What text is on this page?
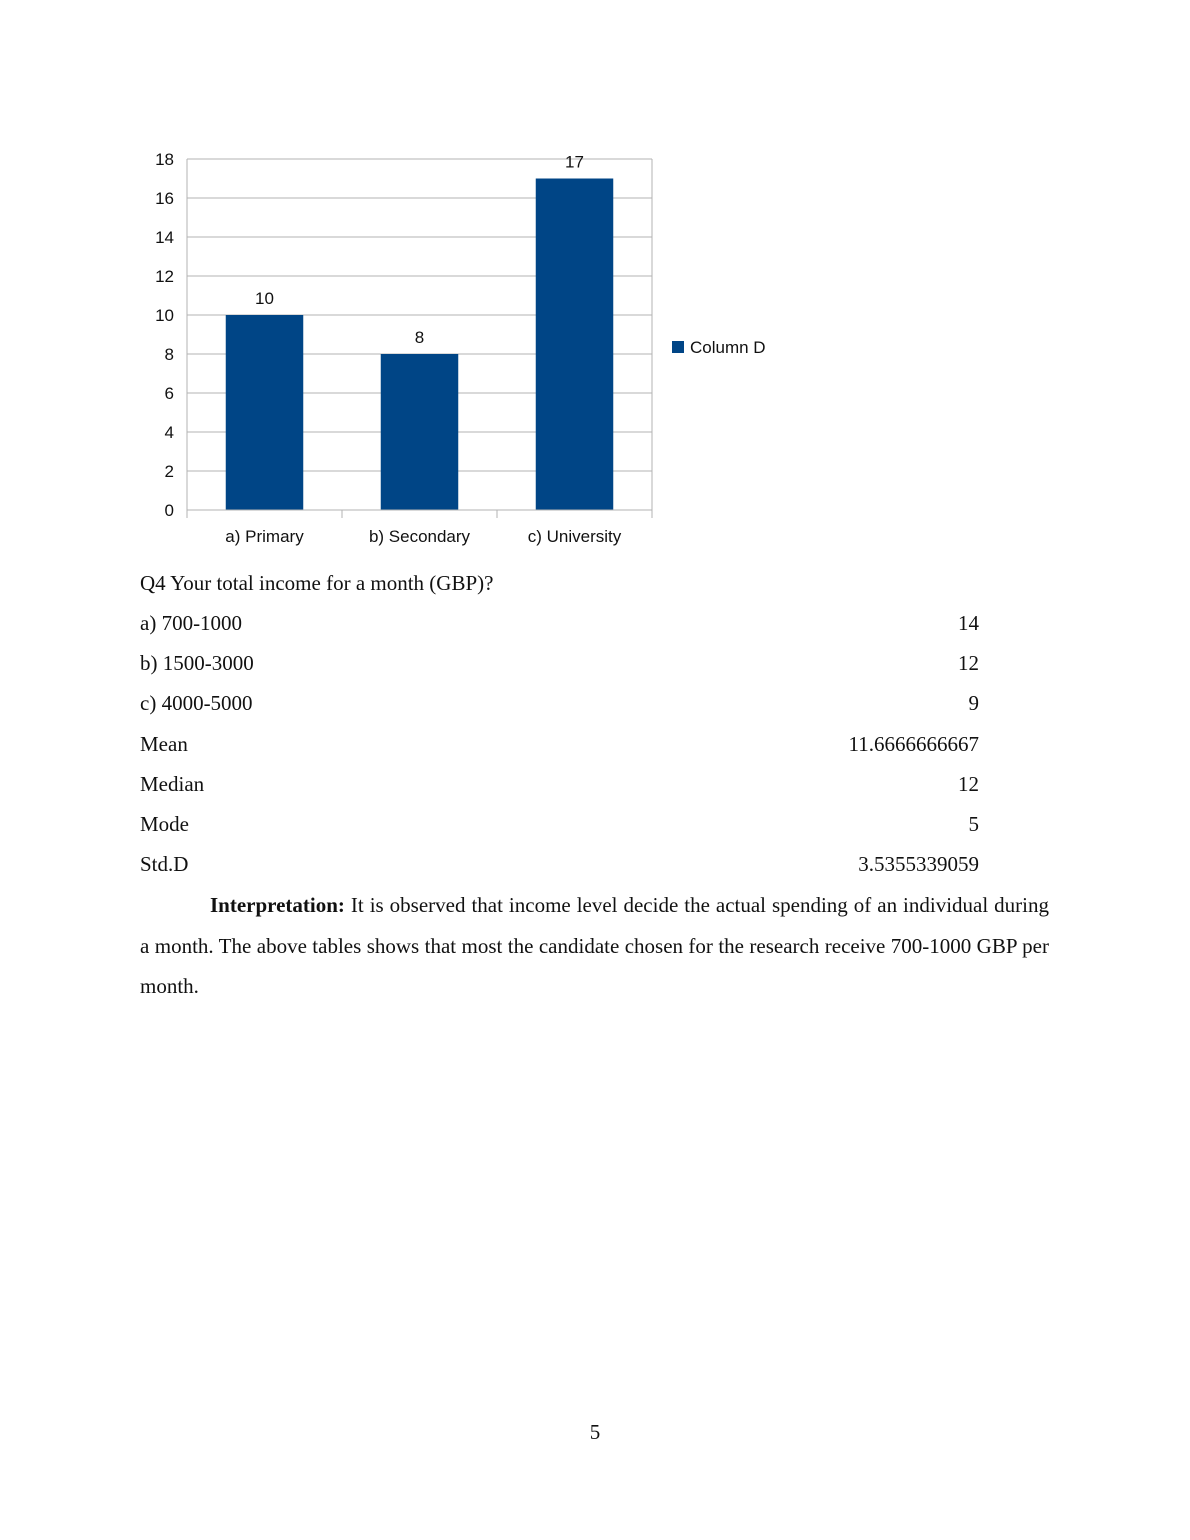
0
2
4
6
8
10
12
14
16
18
10
a) Primary
8
b) Secondary
17
c) University
Column D
Q4 Your total income for a month (GBP)?
a) 700-1000	14
b) 1500-3000	12
c) 4000-5000	9
Mean	11.6666666667
Median	12
Mode	5
Std.D	3.5355339059

Interpretation: It is observed that income level decide the actual spending of an individual during a month. The above tables shows that most the candidate chosen for the research receive 700-1000 GBP per month.

5
